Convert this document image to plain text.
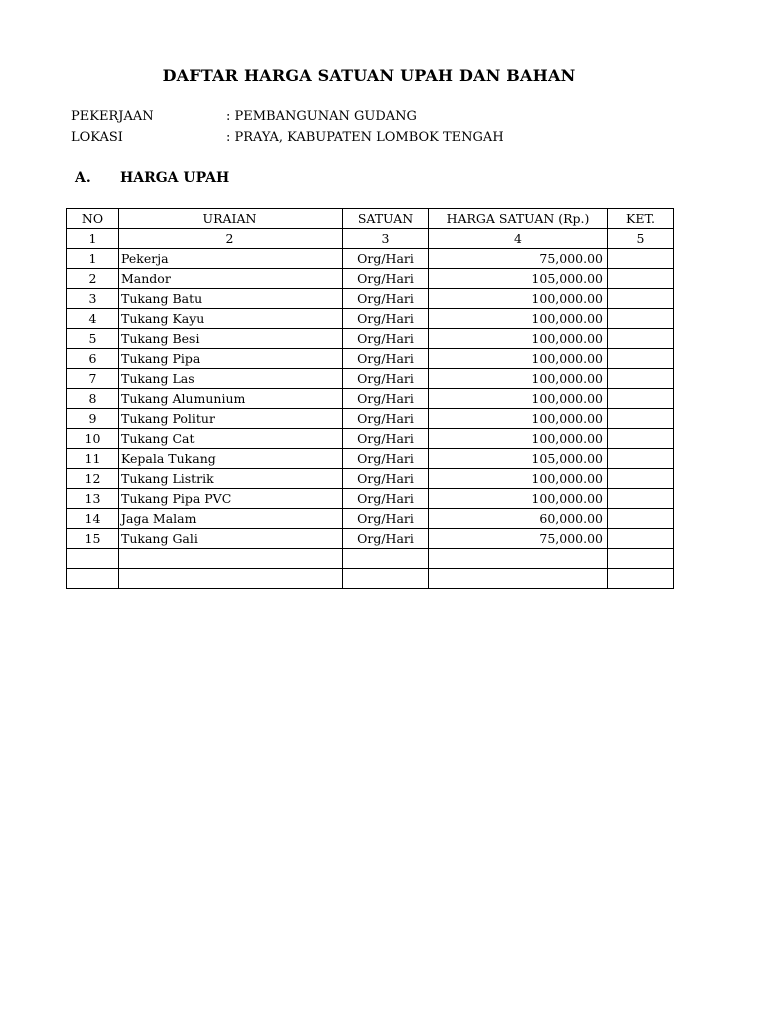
DAFTAR HARGA SATUAN UPAH DAN BAHAN
PEKERJAAN	: PEMBANGUNAN GUDANG
LOKASI	: PRAYA, KABUPATEN LOMBOK TENGAH
A. HARGA UPAH
NO	URAIAN	SATUAN	HARGA SATUAN (Rp.)	KET.
1	2	3	4	5
1	Pekerja	Org/Hari	75,000.00	
2	Mandor	Org/Hari	105,000.00	
3	Tukang Batu	Org/Hari	100,000.00	
4	Tukang Kayu	Org/Hari	100,000.00	
5	Tukang Besi	Org/Hari	100,000.00	
6	Tukang Pipa	Org/Hari	100,000.00	
7	Tukang Las	Org/Hari	100,000.00	
8	Tukang Alumunium	Org/Hari	100,000.00	
9	Tukang Politur	Org/Hari	100,000.00	
10	Tukang Cat	Org/Hari	100,000.00	
11	Kepala Tukang	Org/Hari	105,000.00	
12	Tukang Listrik	Org/Hari	100,000.00	
13	Tukang Pipa PVC	Org/Hari	100,000.00	
14	Jaga Malam	Org/Hari	60,000.00	
15	Tukang Gali	Org/Hari	75,000.00	
